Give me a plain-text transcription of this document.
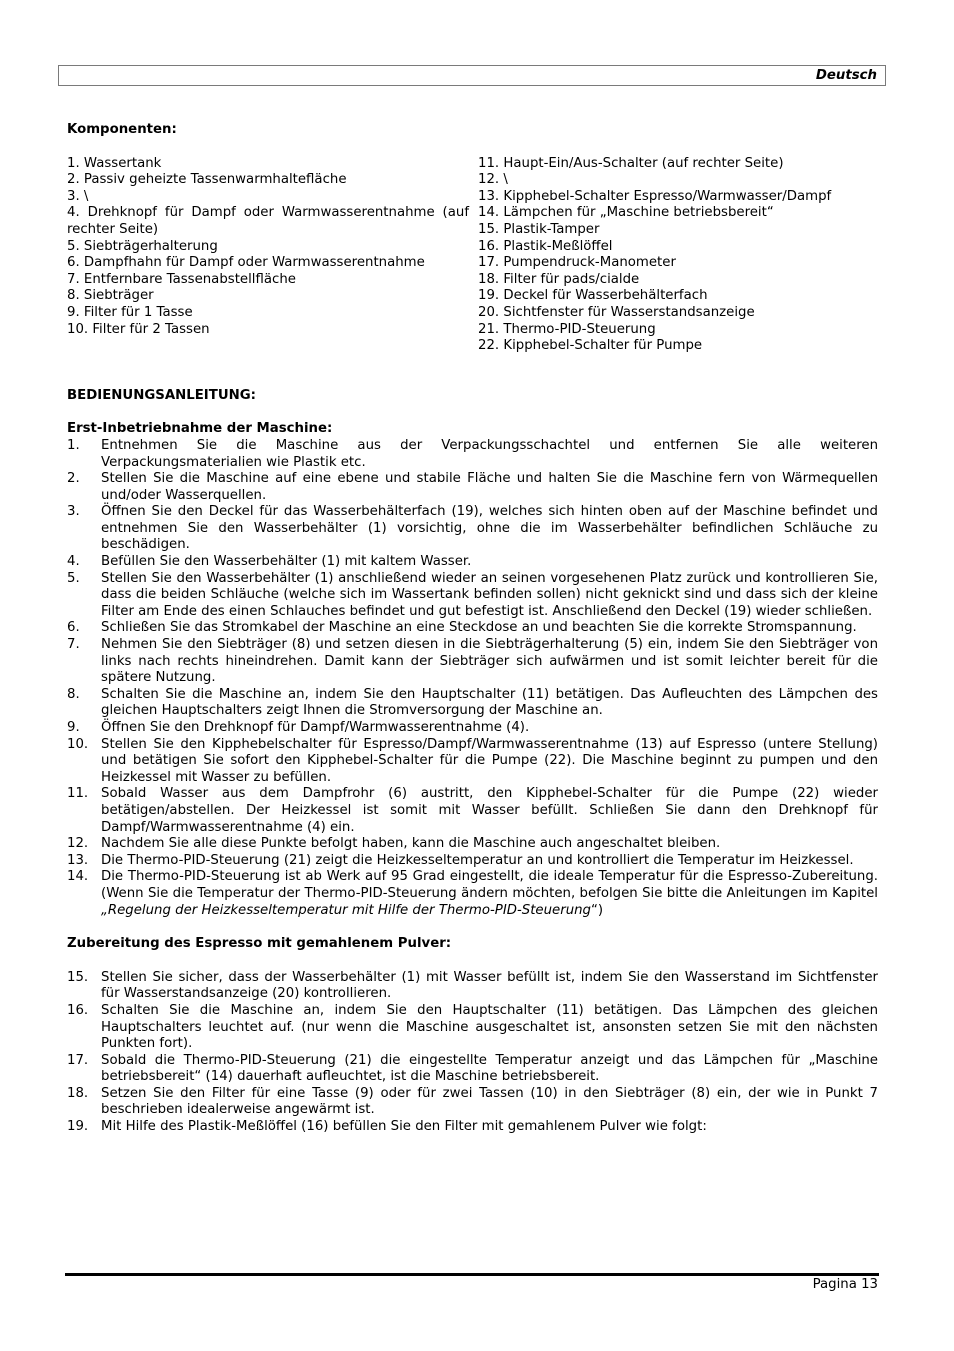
Deutsch

Komponenten:

1. Wassertank
2. Passiv geheizte Tassenwarmhaltefläche
3. \
4. Drehknopf für Dampf oder Warmwasserentnahme (auf rechter Seite)
5. Siebträgerhalterung
6. Dampfhahn für Dampf oder Warmwasserentnahme
7. Entfernbare Tassenabstellfläche
8. Siebträger
9. Filter für 1 Tasse
10. Filter für 2 Tassen
11. Haupt-Ein/Aus-Schalter (auf rechter Seite)
12. \
13. Kipphebel-Schalter Espresso/Warmwasser/Dampf
14. Lämpchen für „Maschine betriebsbereit“
15. Plastik-Tamper
16. Plastik-Meßlöffel
17. Pumpendruck-Manometer
18. Filter für pads/cialde
19. Deckel für Wasserbehälterfach
20. Sichtfenster für Wasserstandsanzeige
21. Thermo-PID-Steuerung
22. Kipphebel-Schalter für Pumpe

BEDIENUNGSANLEITUNG:

Erst-Inbetriebnahme der Maschine:

1.	Entnehmen Sie die Maschine aus der Verpackungsschachtel und entfernen Sie alle weiteren Verpackungsmaterialien wie Plastik etc.
2.	Stellen Sie die Maschine auf eine ebene und stabile Fläche und halten Sie die Maschine fern von Wärmequellen und/oder Wasserquellen.
3.	Öffnen Sie den Deckel für das Wasserbehälterfach (19), welches sich hinten oben auf der Maschine befindet und entnehmen Sie den Wasserbehälter (1) vorsichtig, ohne die im Wasserbehälter befindlichen Schläuche zu beschädigen.
4.	Befüllen Sie den Wasserbehälter (1) mit kaltem Wasser.
5.	Stellen Sie den Wasserbehälter (1) anschließend wieder an seinen vorgesehenen Platz zurück und kontrollieren Sie, dass die beiden Schläuche (welche sich im Wassertank befinden sollen) nicht geknickt sind und dass sich der kleine Filter am Ende des einen Schlauches befindet und gut befestigt ist. Anschließend den Deckel (19) wieder schließen.
6.	Schließen Sie das Stromkabel der Maschine an eine Steckdose an und beachten Sie die korrekte Stromspannung.
7.	Nehmen Sie den Siebträger (8) und setzen diesen in die Siebträgerhalterung (5) ein, indem Sie den Siebträger von links nach rechts hineindrehen. Damit kann der Siebträger sich aufwärmen und ist somit leichter bereit für die spätere Nutzung.
8.	Schalten Sie die Maschine an, indem Sie den Hauptschalter (11) betätigen. Das Aufleuchten des Lämpchen des gleichen Hauptschalters zeigt Ihnen die Stromversorgung der Maschine an.
9.	Öffnen Sie den Drehknopf für Dampf/Warmwasserentnahme (4).
10. Stellen Sie den Kipphebelschalter für Espresso/Dampf/Warmwasserentnahme (13) auf Espresso (untere Stellung) und betätigen Sie sofort den Kipphebel-Schalter für die Pumpe (22). Die Maschine beginnt zu pumpen und den Heizkessel mit Wasser zu befüllen.
11. Sobald Wasser aus dem Dampfrohr (6) austritt, den Kipphebel-Schalter für die Pumpe (22) wieder betätigen/abstellen. Der Heizkessel ist somit mit Wasser befüllt. Schließen Sie dann den Drehknopf für Dampf/Warmwasserentnahme (4) ein.
12. Nachdem Sie alle diese Punkte befolgt haben, kann die Maschine auch angeschaltet bleiben.
13. Die Thermo-PID-Steuerung (21) zeigt die Heizkesseltemperatur an und kontrolliert die Temperatur im Heizkessel.
14. Die Thermo-PID-Steuerung ist ab Werk auf 95 Grad eingestellt, die ideale Temperatur für die Espresso-Zubereitung. (Wenn Sie die Temperatur der Thermo-PID-Steuerung ändern möchten, befolgen Sie bitte die Anleitungen im Kapitel „Regelung der Heizkesseltemperatur mit Hilfe der Thermo-PID-Steuerung“)

Zubereitung des Espresso mit gemahlenem Pulver:

15. Stellen Sie sicher, dass der Wasserbehälter (1) mit Wasser befüllt ist, indem Sie den Wasserstand im Sichtfenster für Wasserstandsanzeige (20) kontrollieren.
16. Schalten Sie die Maschine an, indem Sie den Hauptschalter (11) betätigen. Das Lämpchen des gleichen Hauptschalters leuchtet auf. (nur wenn die Maschine ausgeschaltet ist, ansonsten setzen Sie mit den nächsten Punkten fort).
17. Sobald die Thermo-PID-Steuerung (21) die eingestellte Temperatur anzeigt und das Lämpchen für „Maschine betriebsbereit“ (14) dauerhaft aufleuchtet, ist die Maschine betriebsbereit.
18. Setzen Sie den Filter für eine Tasse (9) oder für zwei Tassen (10) in den Siebträger (8) ein, der wie in Punkt 7 beschrieben idealerweise angewärmt ist.
19. Mit Hilfe des Plastik-Meßlöffel (16) befüllen Sie den Filter mit gemahlenem Pulver wie folgt:
Pagina 13
